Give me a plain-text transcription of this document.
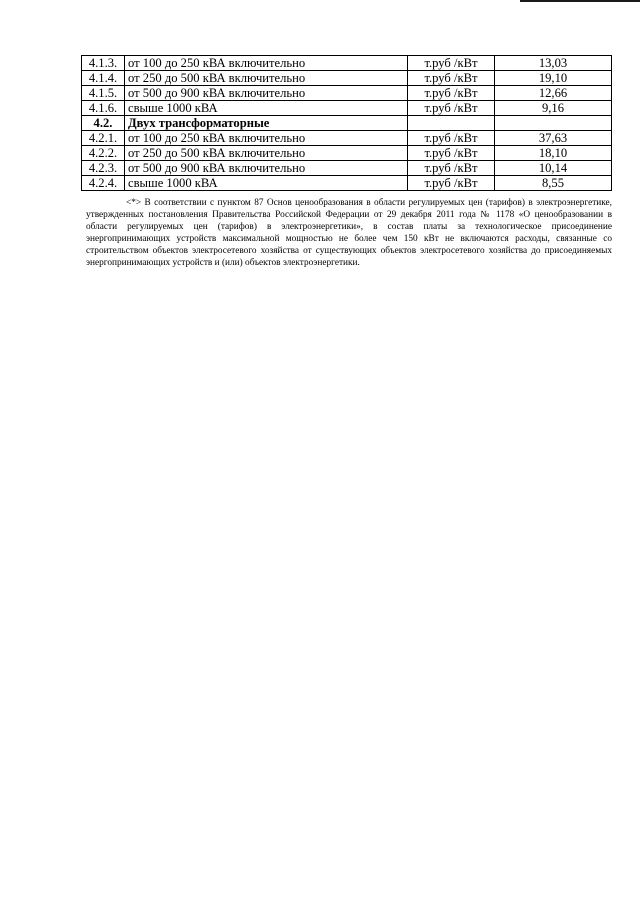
4.1.3.	от 100 до 250 кВА включительно	т.руб /кВт	13,03
4.1.4.	от 250 до 500 кВА включительно	т.руб /кВт	19,10
4.1.5.	от 500 до 900 кВА включительно	т.руб /кВт	12,66
4.1.6.	свыше 1000 кВА	т.руб /кВт	9,16
4.2.	Двух трансформаторные		
4.2.1.	от 100 до 250 кВА включительно	т.руб /кВт	37,63
4.2.2.	от 250 до 500 кВА включительно	т.руб /кВт	18,10
4.2.3.	от 500 до 900 кВА включительно	т.руб /кВт	10,14
4.2.4.	свыше 1000 кВА	т.руб /кВт	8,55

<*> В соответствии с пунктом 87 Основ ценообразования в области регулируемых цен (тарифов) в электроэнергетике, утвержденных постановления Правительства Российской Федерации от 29 декабря 2011 года № 1178 «О ценообразовании в области регулируемых цен (тарифов) в электроэнергетики», в состав платы за технологическое присоединение энергопринимающих устройств максимальной мощностью не более чем 150 кВт не включаются расходы, связанные со строительством объектов электросетевого хозяйства от существующих объектов электросетевого хозяйства до присоединяемых энергопринимающих устройств и (или) объектов электроэнергетики.
